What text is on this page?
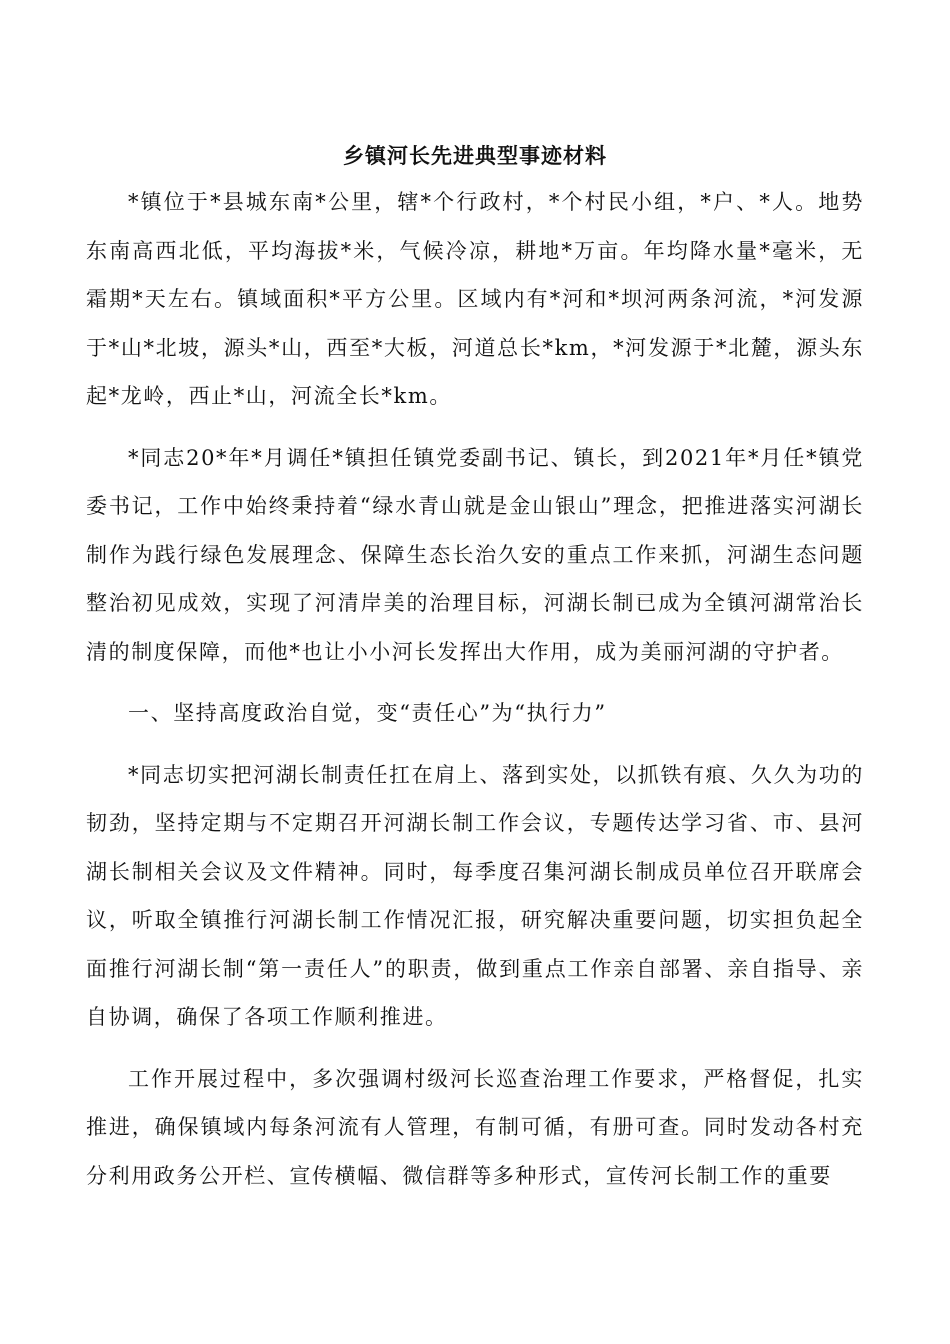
乡镇河长先进典型事迹材料

*镇位于*县城东南*公里，辖*个行政村，*个村民小组，*户、*人。地势东南高西北低，平均海拔*米，气候冷凉，耕地*万亩。年均降水量*毫米，无霜期*天左右。镇域面积*平方公里。区域内有*河和*坝河两条河流，*河发源于*山*北坡，源头*山，西至*大板，河道总长*km，*河发源于*北麓，源头东起*龙岭，西止*山，河流全长*km。

*同志20*年*月调任*镇担任镇党委副书记、镇长，到2021年*月任*镇党委书记，工作中始终秉持着“绿水青山就是金山银山”理念，把推进落实河湖长制作为践行绿色发展理念、保障生态长治久安的重点工作来抓，河湖生态问题整治初见成效，实现了河清岸美的治理目标，河湖长制已成为全镇河湖常治长清的制度保障，而他*也让小小河长发挥出大作用，成为美丽河湖的守护者。

一、坚持高度政治自觉，变“责任心”为“执行力”

*同志切实把河湖长制责任扛在肩上、落到实处，以抓铁有痕、久久为功的韧劲，坚持定期与不定期召开河湖长制工作会议，专题传达学习省、市、县河湖长制相关会议及文件精神。同时，每季度召集河湖长制成员单位召开联席会议，听取全镇推行河湖长制工作情况汇报，研究解决重要问题，切实担负起全面推行河湖长制“第一责任人”的职责，做到重点工作亲自部署、亲自指导、亲自协调，确保了各项工作顺利推进。

工作开展过程中，多次强调村级河长巡查治理工作要求，严格督促，扎实推进，确保镇域内每条河流有人管理，有制可循，有册可查。同时发动各村充分利用政务公开栏、宣传横幅、微信群等多种形式，宣传河长制工作的重要
